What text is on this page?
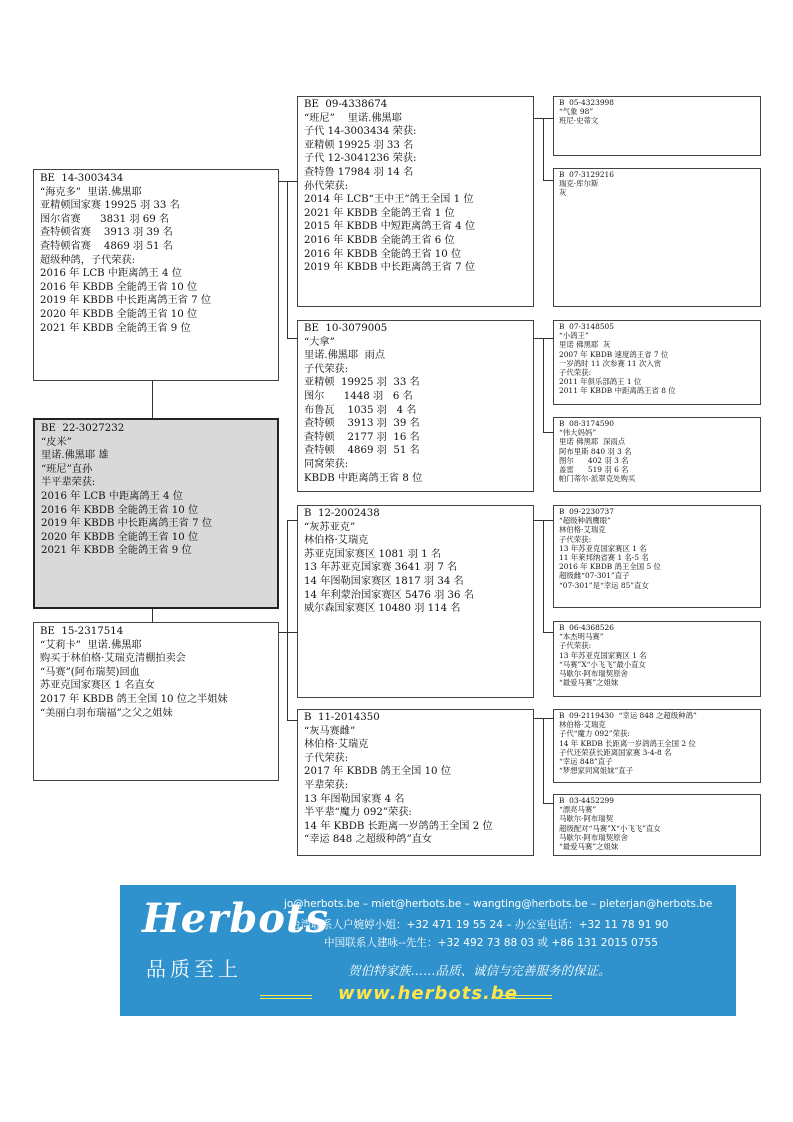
BE  14-3003434
“海克多”  里诺.佛黑耶
亚精顿国家赛 19925 羽 33 名
图尔省赛      3831 羽 69 名
查特顿省赛    3913 羽 39 名
查特顿省赛    4869 羽 51 名
超级种鸽，子代荣获:
2016 年 LCB 中距离鸽王 4 位
2016 年 KBDB 全能鸽王省 10 位
2019 年 KBDB 中长距离鸽王省 7 位
2020 年 KBDB 全能鸽王省 10 位
2021 年 KBDB 全能鸽王省 9 位
BE  22-3027232
“皮米”
里诺.佛黑耶 雄
“班尼”直孙
半平辈荣获:
2016 年 LCB 中距离鸽王 4 位
2016 年 KBDB 全能鸽王省 10 位
2019 年 KBDB 中长距离鸽王省 7 位
2020 年 KBDB 全能鸽王省 10 位
2021 年 KBDB 全能鸽王省 9 位
BE  15-2317514
“艾莉卡”  里诺.佛黑耶
购买于林伯格·艾瑞克清棚拍卖会
“马赛”(阿布瑞契)回血
苏亚克国家赛区 1 名直女
2017 年 KBDB 鸽王全国 10 位之半姐妹
“美丽白羽布瑞福”之父之姐妹
BE  09-4338674
“班尼”    里诺.佛黑耶
子代 14-3003434 荣获:
亚精顿 19925 羽 33 名
子代 12-3041236 荣获:
查特鲁 17984 羽 14 名
孙代荣获:
2014 年 LCB“王中王”鸽王全国 1 位
2021 年 KBDB 全能鸽王省 1 位
2015 年 KBDB 中短距离鸽王省 4 位
2016 年 KBDB 全能鸽王省 6 位
2016 年 KBDB 全能鸽王省 10 位
2019 年 KBDB 中长距离鸽王省 7 位
BE  10-3079005
“大拿”
里诺.佛黑耶  雨点
子代荣获:
亚精顿  19925 羽  33 名
图尔      1448 羽   6 名
布鲁瓦    1035 羽   4 名
查特顿    3913 羽  39 名
查特顿    2177 羽  16 名
查特顿    4869 羽  51 名
同窝荣获:
KBDB 中距离鸽王省 8 位
B  12-2002438
“灰苏亚克”
林伯格·艾瑞克
苏亚克国家赛区 1081 羽 1 名
13 年苏亚克国家赛 3641 羽 7 名
14 年图勒国家赛区 1817 羽 34 名
14 年利蒙治国家赛区 5476 羽 36 名
威尔森国家赛区 10480 羽 114 名
B  11-2014350
“灰马赛雌”
林伯格·艾瑞克
子代荣获:
2017 年 KBDB 鸽王全国 10 位
平辈荣获:
13 年图勒国家赛 4 名
半平辈“魔力 092”荣获:
14 年 KBDB 长距离一岁鸽鸽王全国 2 位
“幸运 848 之超级种鸽”直女
B  05-4323998
“气象 98”
班尼·史蒂文
B  07-3129216
瑞克·库尔斯
灰
B  07-3148505
“小鸽王”
里诺 佛黑耶  灰
2007 年 KBDB 速度鸽王省 7 位
一岁鸽时 11 次参赛 11 次入赏
子代荣获:
2011 年俱乐部鸽王 1 位
2011 年 KBDB 中距离鸽王省 8 位
B  08-3174590
“伟大妈妈”
里诺 佛黑耶  深雨点
阿布里斯 840 羽 3 名
图尔      402 羽 3 名
盖雷      519 羽 6 名
帕门蒂尔·派翠克处购买
B  09-2230737
“超级种鸽鹰眼”
林伯格·艾瑞克
子代荣获:
13 年苏亚克国家赛区 1 名
11 年莱邦纳省赛 1 名-5 名
2016 年 KBDB 鸽王全国 5 位
超级雌“07-301”直子
“07-301”是“幸运 85”直女
B  06-4368526
“本杰明马赛”
子代荣获:
13 年苏亚克国家赛区 1 名
“马赛”X“小飞飞”最小直女
马歇尔·阿布瑞契原舍
“最爱马赛”之姐妹
B  09-2119430  “幸运 848 之超级种鸽”
林伯格·艾瑞克
子代“魔力 092”荣获:
14 年 KBDB 长距离一岁鸽鸽王全国 2 位
子代还荣获长距离国家赛 3-4-8 名
“幸运 848”直子
“梦想家同窝姐妹”直子
B  03-4452299
“漂亮马赛”
马歇尔·阿布瑞契
超级配对“马赛”X“小飞飞”直女
马歇尔·阿布瑞契原舍
“最爱马赛”之姐妹
Herbots
品质至上
jo@herbots.be – miet@herbots.be – wangting@herbots.be – pieterjan@herbots.be
台湾联系人户婉婷小姐：+32 471 19 55 24 – 办公室电话：+32 11 78 91 90
中国联系人建咏--先生：+32 492 73 88 03 或 +86 131 2015 0755
贺伯特家族……品质、诚信与完善服务的保证。
www.herbots.be
